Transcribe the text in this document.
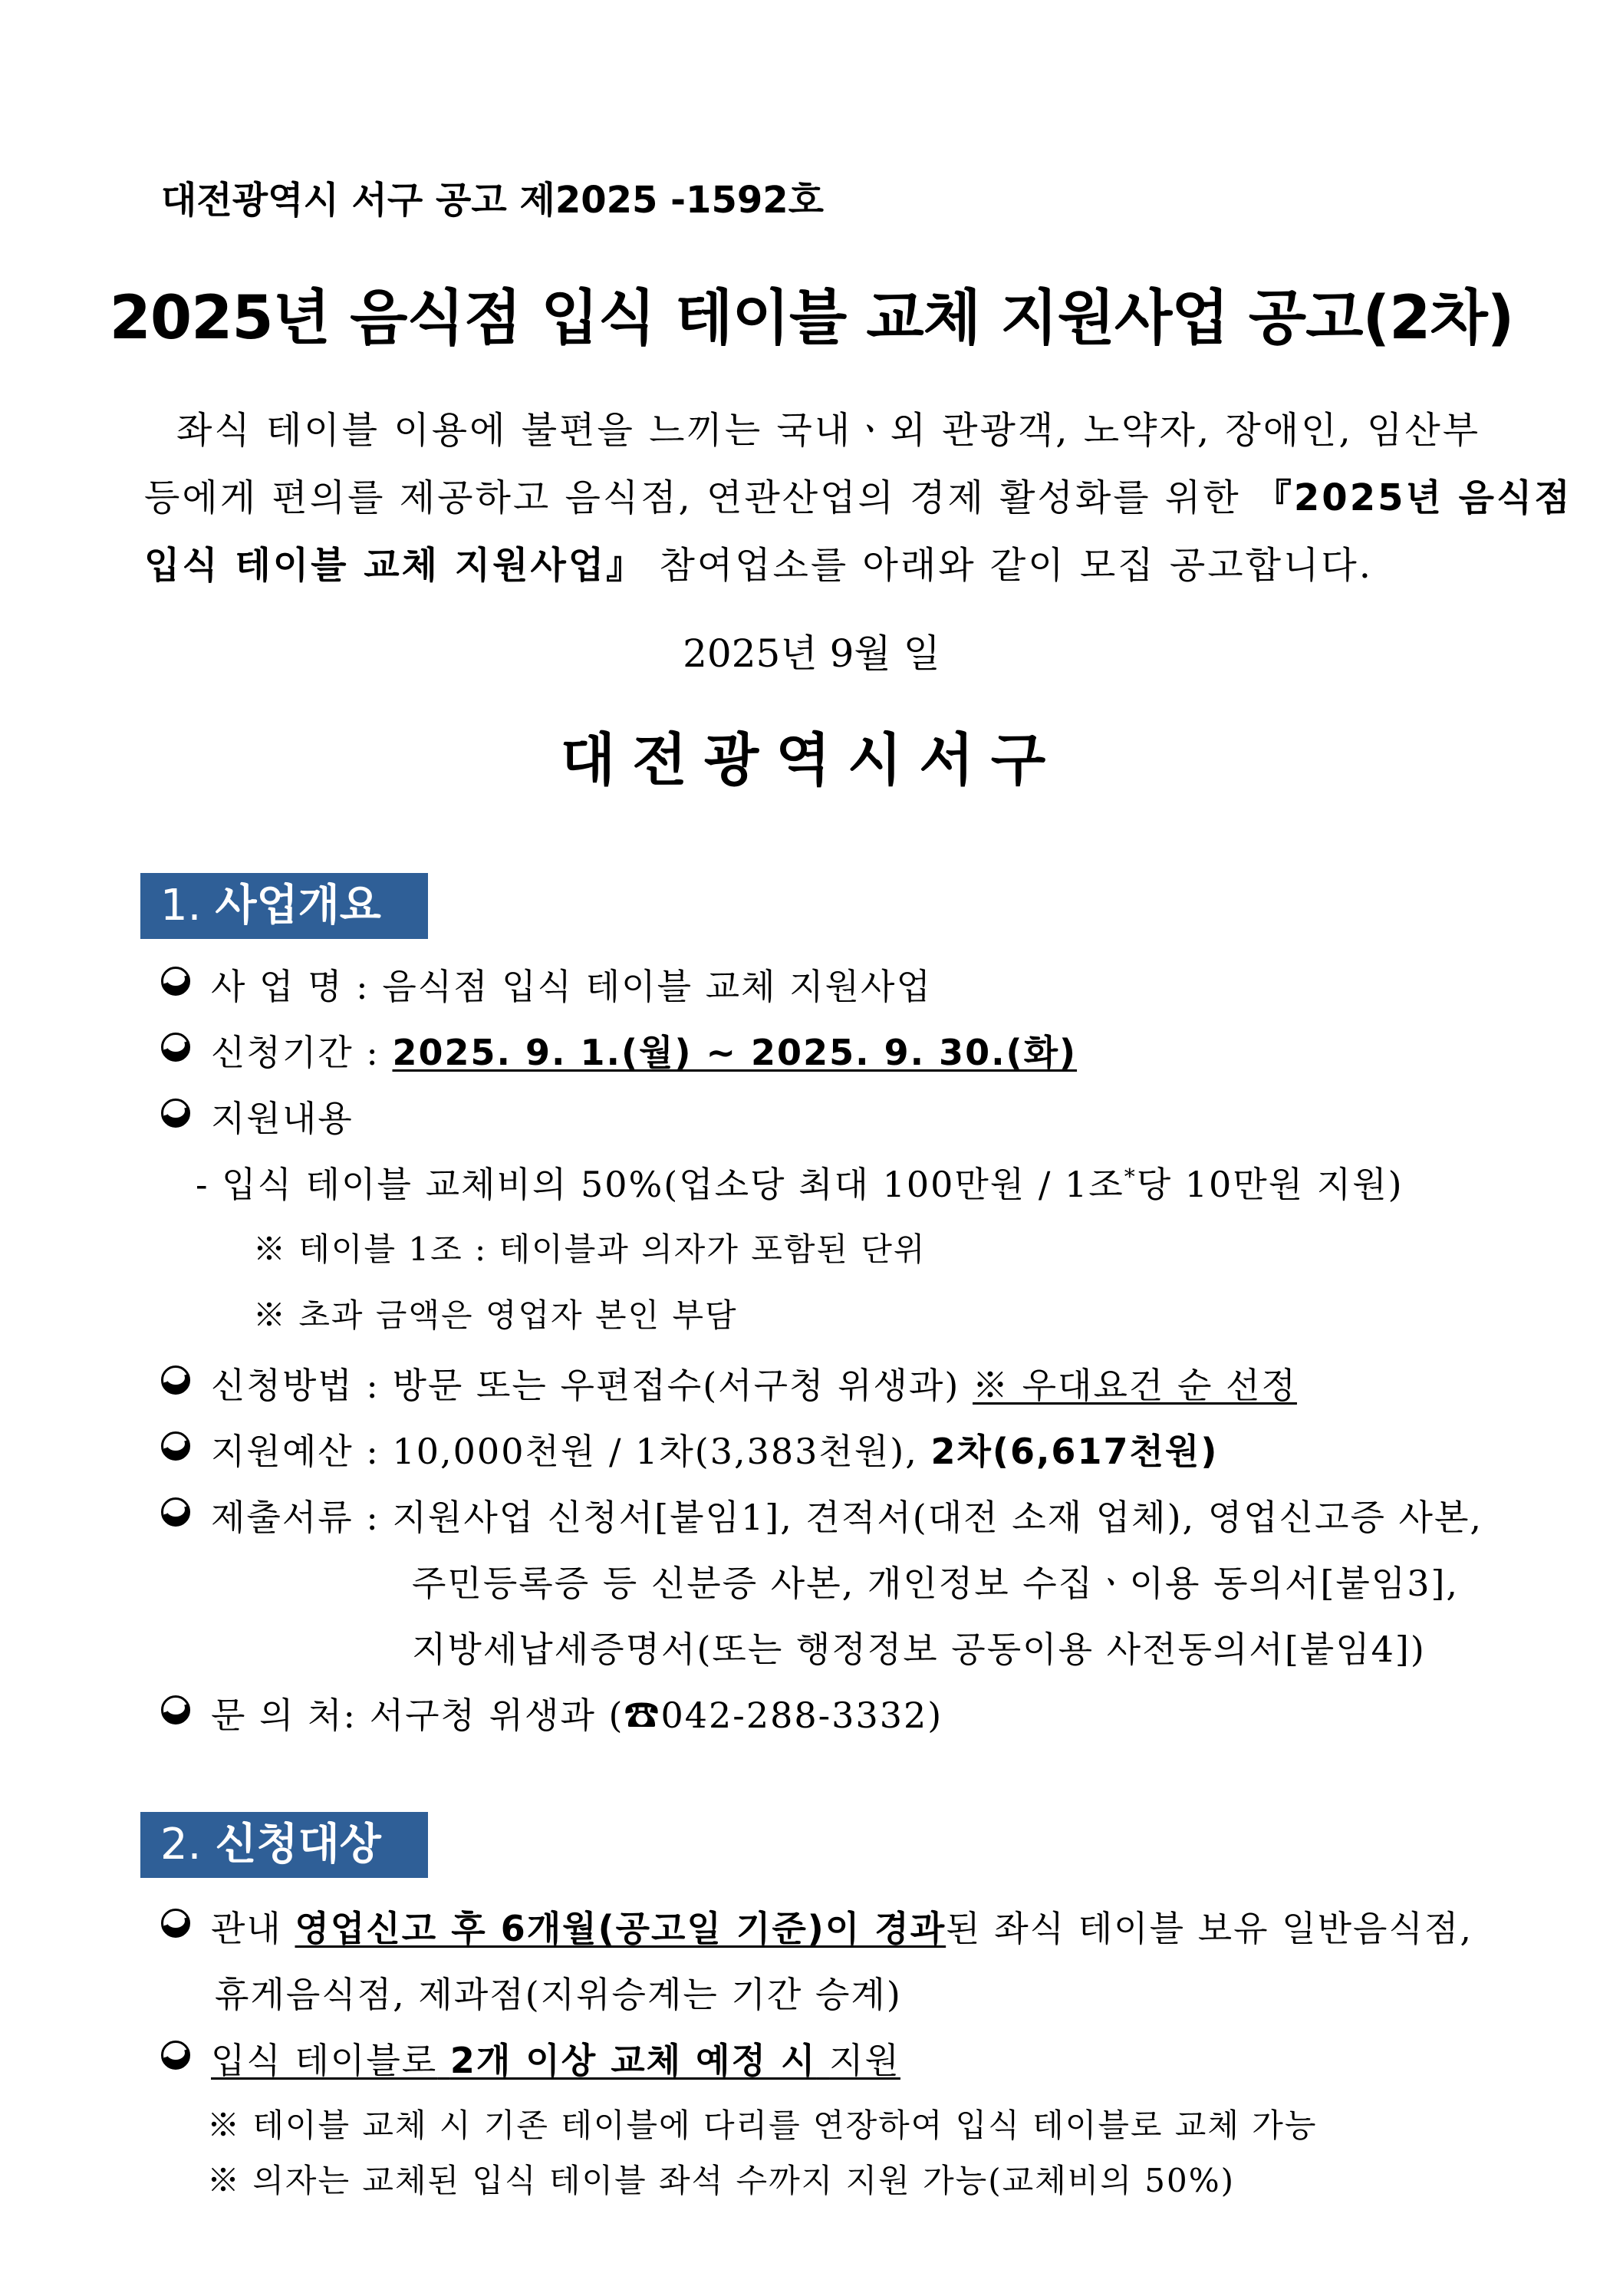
대전광역시 서구 공고 제2025 -1592호
2025년 음식점 입식 테이블 교체 지원사업 공고(2차)
좌식 테이블 이용에 불편을 느끼는 국내ㆍ외 관광객, 노약자, 장애인, 임산부
등에게 편의를 제공하고 음식점, 연관산업의 경제 활성화를 위한 『2025년 음식점
입식 테이블 교체 지원사업』 참여업소를 아래와 같이 모집 공고합니다.
2025년 9월 일
대전광역시서구
1. 사업개요
사 업 명 : 음식점 입식 테이블 교체 지원사업
신청기간 : 2025. 9. 1.(월) ~ 2025. 9. 30.(화)
지원내용
- 입식 테이블 교체비의 50%(업소당 최대 100만원 / 1조*당 10만원 지원)
※ 테이블 1조 : 테이블과 의자가 포함된 단위
※ 초과 금액은 영업자 본인 부담
신청방법 : 방문 또는 우편접수(서구청 위생과) ※ 우대요건 순 선정
지원예산 : 10,000천원 / 1차(3,383천원), 2차(6,617천원)
제출서류 : 지원사업 신청서[붙임1], 견적서(대전 소재 업체), 영업신고증 사본,
주민등록증 등 신분증 사본, 개인정보 수집ㆍ이용 동의서[붙임3],
지방세납세증명서(또는 행정정보 공동이용 사전동의서[붙임4])
문 의 처: 서구청 위생과 (☎042-288-3332)
2. 신청대상
관내 영업신고 후 6개월(공고일 기준)이 경과된 좌식 테이블 보유 일반음식점,
휴게음식점, 제과점(지위승계는 기간 승계)
입식 테이블로 2개 이상 교체 예정 시 지원
※ 테이블 교체 시 기존 테이블에 다리를 연장하여 입식 테이블로 교체 가능
※ 의자는 교체된 입식 테이블 좌석 수까지 지원 가능(교체비의 50%)
